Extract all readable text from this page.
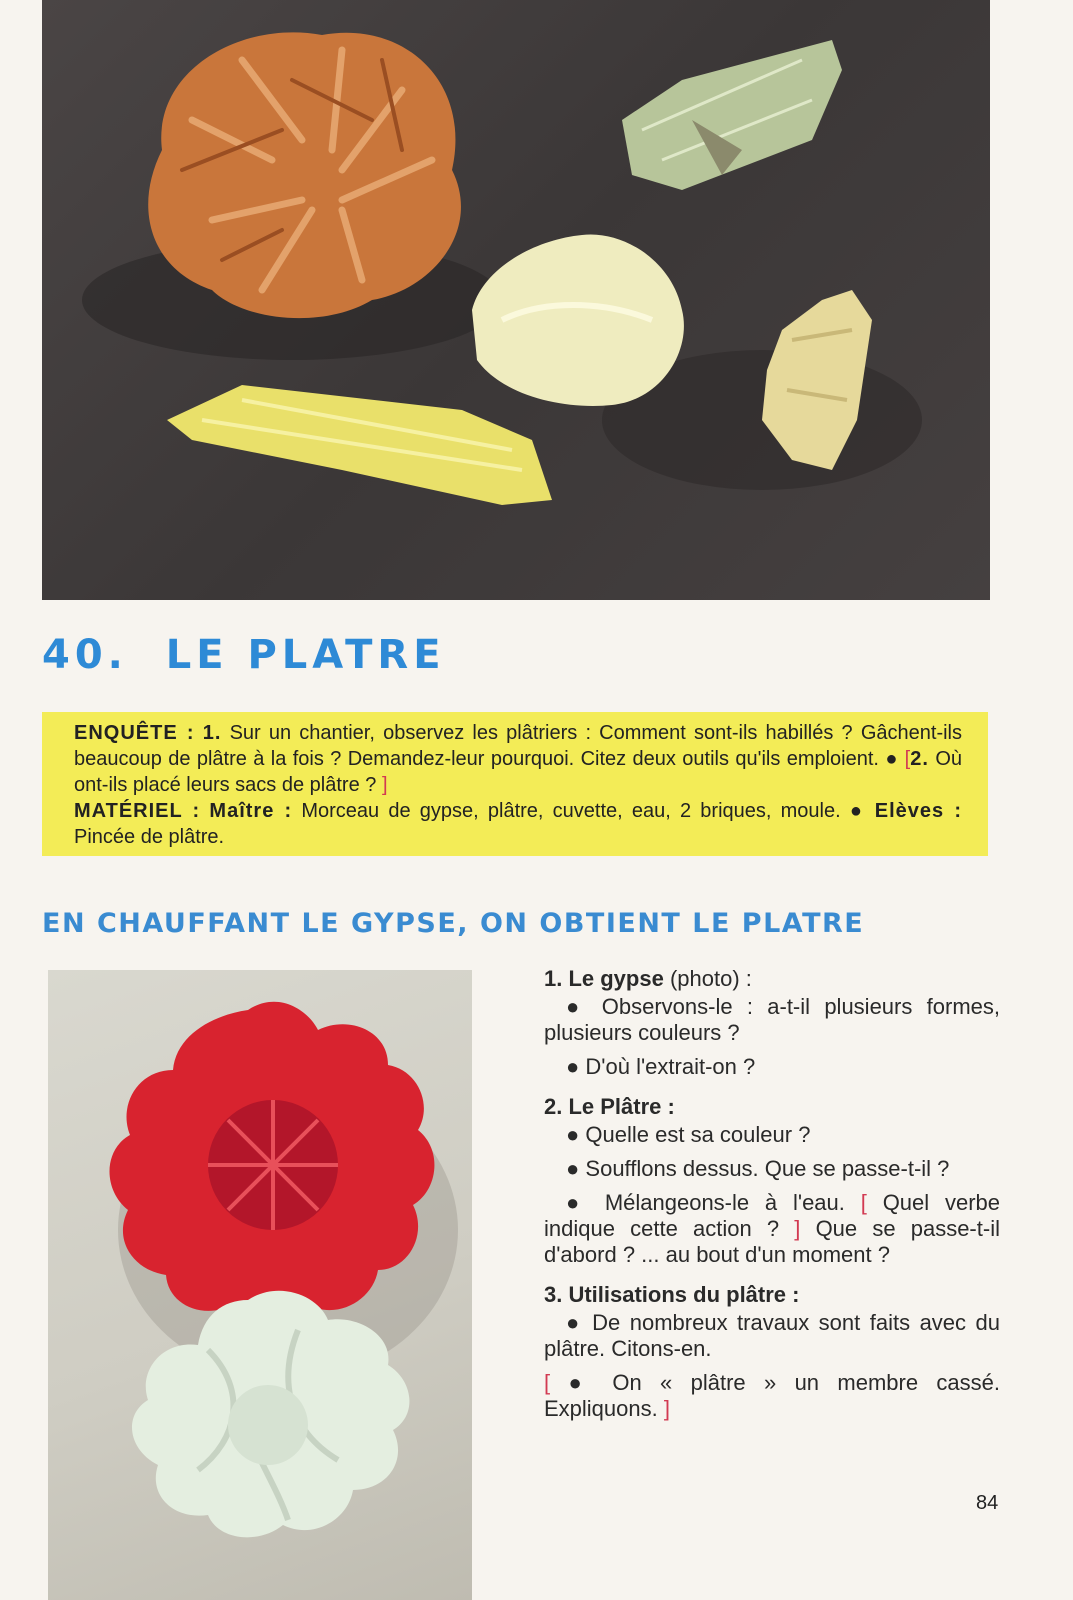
40. LE PLATRE

ENQUÊTE : 1. Sur un chantier, observez les plâtriers : Comment sont-ils habillés ? Gâchent-ils beaucoup de plâtre à la fois ? Demandez-leur pourquoi. Citez deux outils qu'ils emploient. ● [2. Où ont-ils placé leurs sacs de plâtre ? ]

MATÉRIEL : Maître : Morceau de gypse, plâtre, cuvette, eau, 2 briques, moule. ● Elèves : Pincée de plâtre.

EN CHAUFFANT LE GYPSE, ON OBTIENT LE PLATRE
1. Le gypse (photo) :

● Observons-le : a-t-il plusieurs formes, plusieurs couleurs ?

● D'où l'extrait-on ?

2. Le Plâtre :

● Quelle est sa couleur ?

● Soufflons dessus. Que se passe-t-il ?

● Mélangeons-le à l'eau. [ Quel verbe indique cette action ? ] Que se passe-t-il d'abord ? ... au bout d'un moment ?

3. Utilisations du plâtre :

● De nombreux travaux sont faits avec du plâtre. Citons-en.

[ ● On « plâtre » un membre cassé. Expliquons. ]

84
